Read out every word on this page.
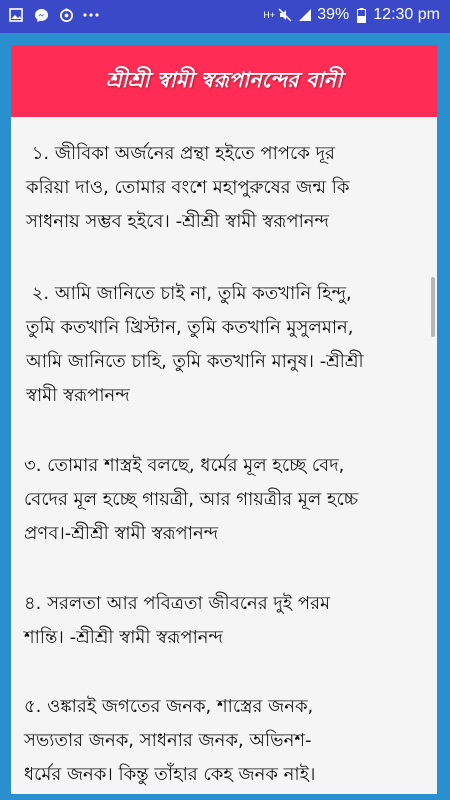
H+	39% 12:30 pm
শ্রীশ্রী স্বামী স্বরূপানন্দের বানী
১. জীবিকা অর্জনের প্রন্থা হইতে পাপকে দূর
করিয়া দাও, তোমার বংশে মহাপুরুষের জন্ম কি
সাধনায় সম্ভব হইবে। -শ্রীশ্রী স্বামী স্বরূপানন্দ
২. আমি জানিতে চাই না, তুমি কতখানি হিন্দু,
তুমি কতখানি খ্রিস্টান, তুমি কতখানি মুসুলমান,
আমি জানিতে চাহি, তুমি কতখানি মানুষ। -শ্রীশ্রী
স্বামী স্বরূপানন্দ
৩. তোমার শাস্ত্রই বলছে, ধর্মের মূল হচ্ছে বেদ,
বেদের মূল হচ্ছে গায়ত্রী, আর গায়ত্রীর মূল হচ্চে
প্রণব।-শ্রীশ্রী স্বামী স্বরূপানন্দ
৪. সরলতা আর পবিত্রতা জীবনের দুই পরম
শান্তি। -শ্রীশ্রী স্বামী স্বরূপানন্দ
৫. ওঙ্কারই জগতের জনক, শাস্ত্রের জনক,
সভ্যতার জনক, সাধনার জনক, অভিনশ-
ধর্মের জনক। কিন্তু তাঁহার কেহ জনক নাই।
